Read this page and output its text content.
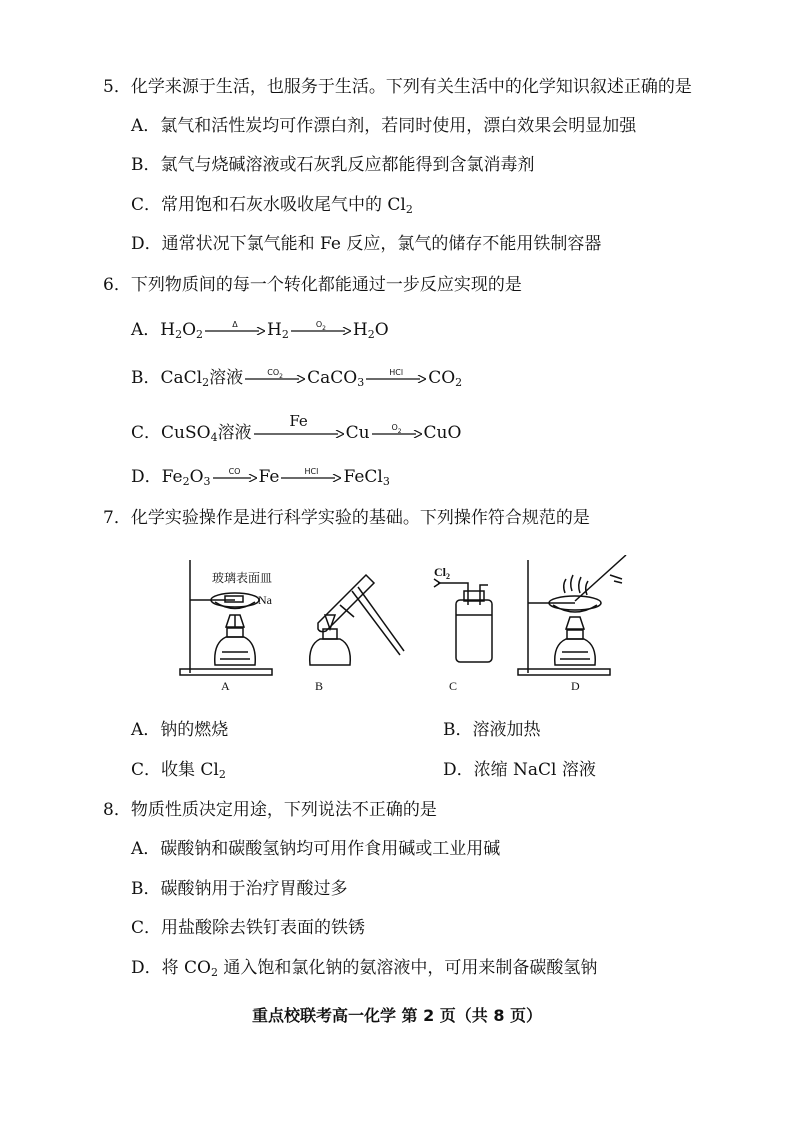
5．化学来源于生活，也服务于生活。下列有关生活中的化学知识叙述正确的是
A．氯气和活性炭均可作漂白剂，若同时使用，漂白效果会明显加强
B．氯气与烧碱溶液或石灰乳反应都能得到含氯消毒剂
C．常用饱和石灰水吸收尾气中的 $Cl_2$
D．通常状况下氯气能和 Fe 反应，氯气的储存不能用铁制容器
6．下列物质间的每一个转化都能通过一步反应实现的是
A．$H_2O_2$
Δ	$H_2$
$O_2$	$H_2O$
B．CaCl$_2$溶液	$CO_2$	CaCO$_3$
HCl	$CO_2$
C．CuSO$_4$溶液
Fe
Cu	$O_2$	CuO
D．$Fe_2O_3$
CO	Fe	HCl	FeCl$_3$
7．化学实验操作是进行科学实验的基础。下列操作符合规范的是
玻璃表面皿
Na
$Cl_2$
A	B	C	D
A．钠的燃烧	B．溶液加热
C．收集 $Cl_2$	D．浓缩 NaCl 溶液
8．物质性质决定用途，下列说法不正确的是
A．碳酸钠和碳酸氢钠均可用作食用碱或工业用碱
B．碳酸钠用于治疗胃酸过多
C．用盐酸除去铁钉表面的铁锈
D．将 $CO_2$ 通入饱和氯化钠的氨溶液中，可用来制备碳酸氢钠
重点校联考高一化学 第 2 页（共 8 页）
